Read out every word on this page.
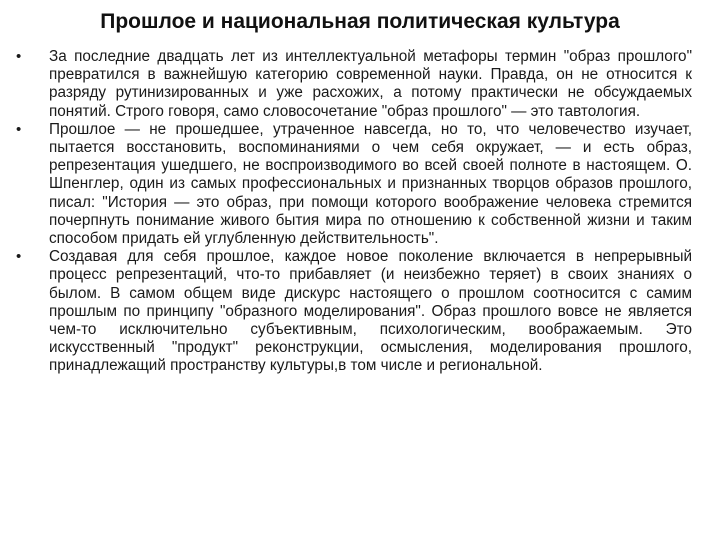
Прошлое и национальная политическая культура
• За последние двадцать лет из интеллектуальной метафоры термин "образ прошлого" превратился в важнейшую категорию современной науки. Правда, он не относится к разряду рутинизированных и уже расхожих, а потому практически не обсуждаемых понятий. Строго говоря, само словосочетание "образ прошлого" — это тавтология.
• Прошлое — не прошедшее, утраченное навсегда, но то, что человечество изучает, пытается восстановить, воспоминаниями о чем себя окружает, — и есть образ, репрезентация ушедшего, не воспроизводимого во всей своей полноте в настоящем. О. Шпенглер, один из самых профессиональных и признанных творцов образов прошлого, писал: "История — это образ, при помощи которого воображение человека стремится почерпнуть понимание живого бытия мира по отношению к собственной жизни и таким способом придать ей углубленную действительность".
• Создавая для себя прошлое, каждое новое поколение включается в непрерывный процесс репрезентаций, что-то прибавляет (и неизбежно теряет) в своих знаниях о былом. В самом общем виде дискурс настоящего о прошлом соотносится с самим прошлым по принципу "образного моделирования". Образ прошлого вовсе не является чем-то исключительно субъективным, психологическим, воображаемым. Это искусственный "продукт" реконструкции, осмысления, моделирования прошлого, принадлежащий пространству культуры,в том числе и региональной.
